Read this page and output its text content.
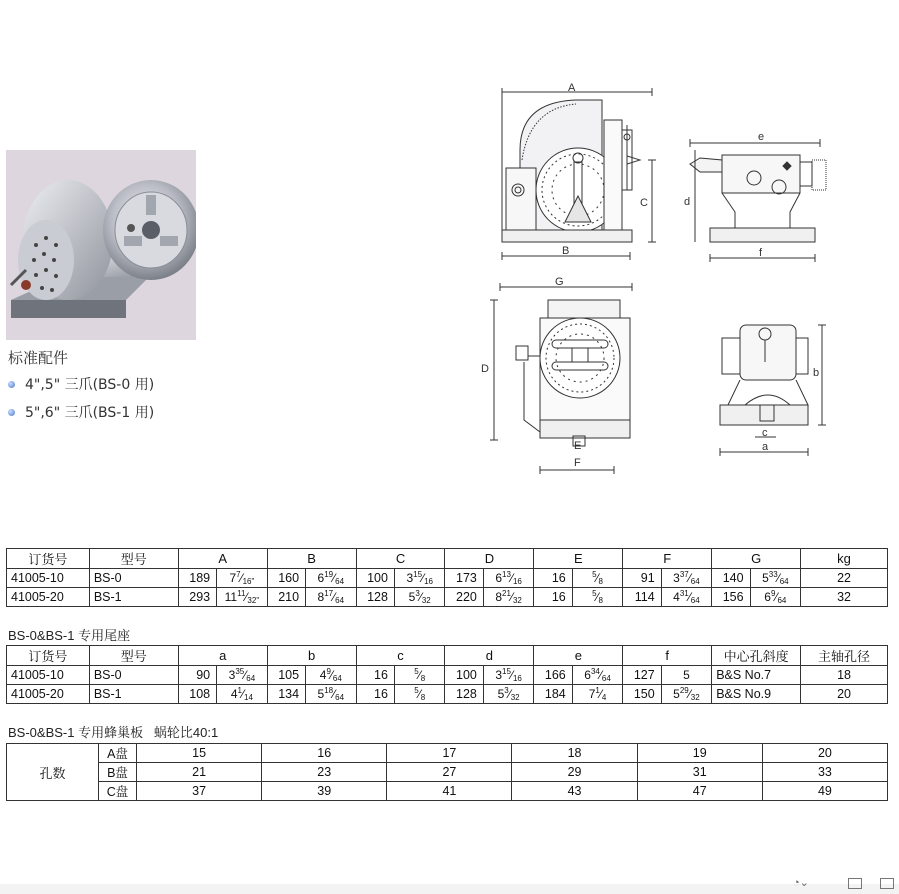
标准配件
4",5" 三爪(BS-0 用)
5",6" 三爪(BS-1 用)
A
B
C
e
d
f
G
D
E
F
b
c
a
订货号	型号	A		B		C		D		E		F		G		kg
41005-10	BS-0	189	$7^7⁄_{16"}$	160	$6^{19}⁄_{64}$	100	$3^{15}⁄_{16}$	173	$6^{13}⁄_{16}$	16	$^5⁄_8$	91	$3^{37}⁄_{64}$	140	$5^{33}⁄_{64}$	22
41005-20	BS-1	293	$11^{11}⁄_{32"}$	210	$8^{17}⁄_{64}$	128	$5^3⁄_{32}$	220	$8^{21}⁄_{32}$	16	$^5⁄_8$	114	$4^{31}⁄_{64}$	156	$6^9⁄_{64}$	32
BS-0&BS-1 专用尾座
订货号	型号	a		b		c		d		e		f		中心孔斜度	主轴孔径
41005-10	BS-0	90	$3^{35}⁄_{64}$	105	$4^9⁄_{64}$	16	$^5⁄_8$	100	$3^{15}⁄_{16}$	166	$6^{34}⁄_{64}$	127	5	B&S No.7	18
41005-20	BS-1	108	$4^1⁄_{14}$	134	$5^{18}⁄_{64}$	16	$^5⁄_8$	128	$5^3⁄_{32}$	184	$7^1⁄_4$	150	$5^{29}⁄_{32}$	B&S No.9	20
BS-0&BS-1 专用蜂巢板   蜗轮比40:1
孔数	A盘	15	16	17	18	19	20
	B盘	21	23	27	29	31	33
	C盘	37	39	41	43	47	49
◔⌄
